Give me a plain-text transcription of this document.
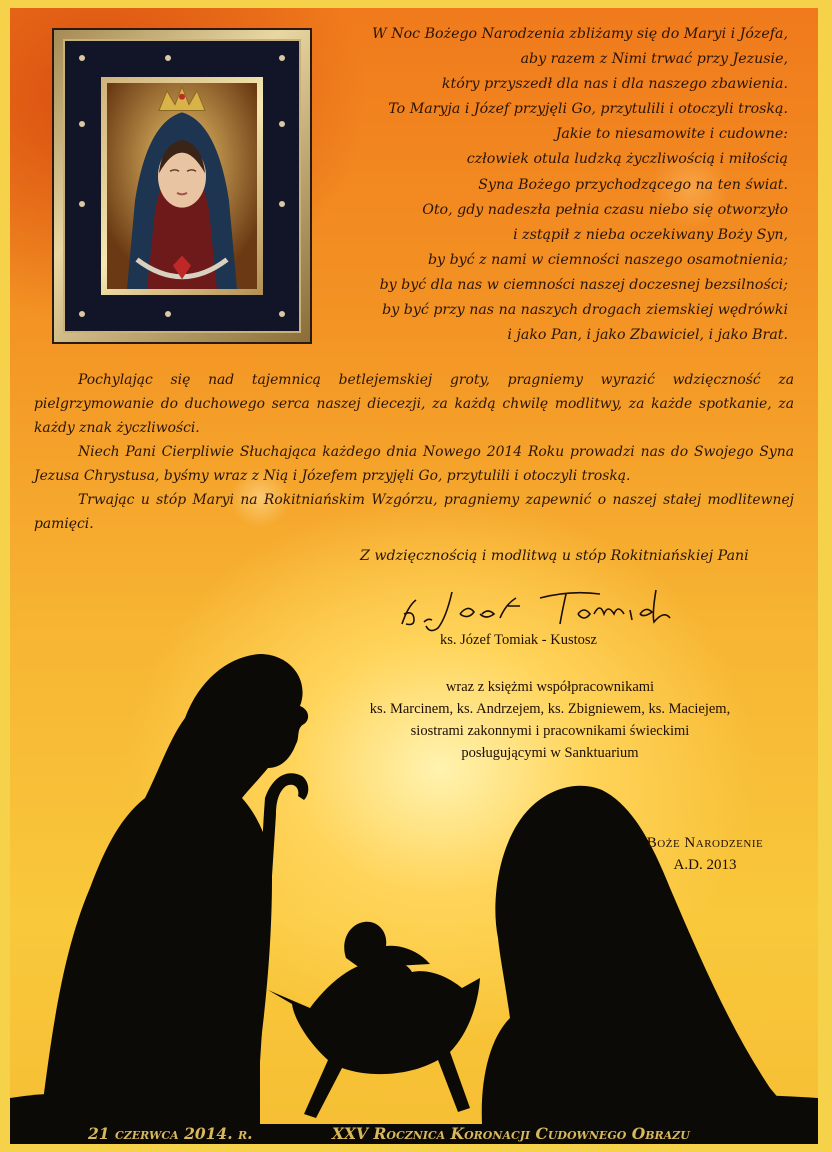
W Noc Bożego Narodzenia zbliżamy się do Maryi i Józefa,

aby razem z Nimi trwać przy Jezusie,

który przyszedł dla nas i dla naszego zbawienia.

To Maryja i Józef przyjęli Go, przytulili i otoczyli troską.

Jakie to niesamowite i cudowne:

człowiek otula ludzką życzliwością i miłością

Syna Bożego przychodzącego na ten świat.

Oto, gdy nadeszła pełnia czasu niebo się otworzyło

i zstąpił z nieba oczekiwany Boży Syn,

by być z nami w ciemności naszego osamotnienia;

by być dla nas w ciemności naszej doczesnej bezsilności;

by być przy nas na naszych drogach ziemskiej wędrówki

i jako Pan, i jako Zbawiciel, i jako Brat.

Pochylając się nad tajemnicą betlejemskiej groty, pragniemy wyrazić wdzięczność za pielgrzymowanie do duchowego serca naszej diecezji, za każdą chwilę modlitwy, za każde spotkanie, za każdy znak życzliwości.

Niech Pani Cierpliwie Słuchająca każdego dnia Nowego 2014 Roku prowadzi nas do Swojego Syna Jezusa Chrystusa, byśmy wraz z Nią i Józefem przyjęli Go, przytulili i otoczyli troską.

Trwając u stóp Maryi na Rokitniańskim Wzgórzu, pragniemy zapewnić o naszej stałej modlitewnej pamięci.

Z wdzięcznością i modlitwą u stóp Rokitniańskiej Pani
ks. Józef Tomiak - Kustosz

wraz z księżmi współpracownikami

ks. Marcinem, ks. Andrzejem, ks. Zbigniewem, ks. Maciejem,

siostrami zakonnymi i pracownikami świeckimi

posługującymi w Sanktuarium

Boże Narodzenie

A.D. 2013

21 czerwca 2014. r.	XXV Rocznica Koronacji Cudownego Obrazu
